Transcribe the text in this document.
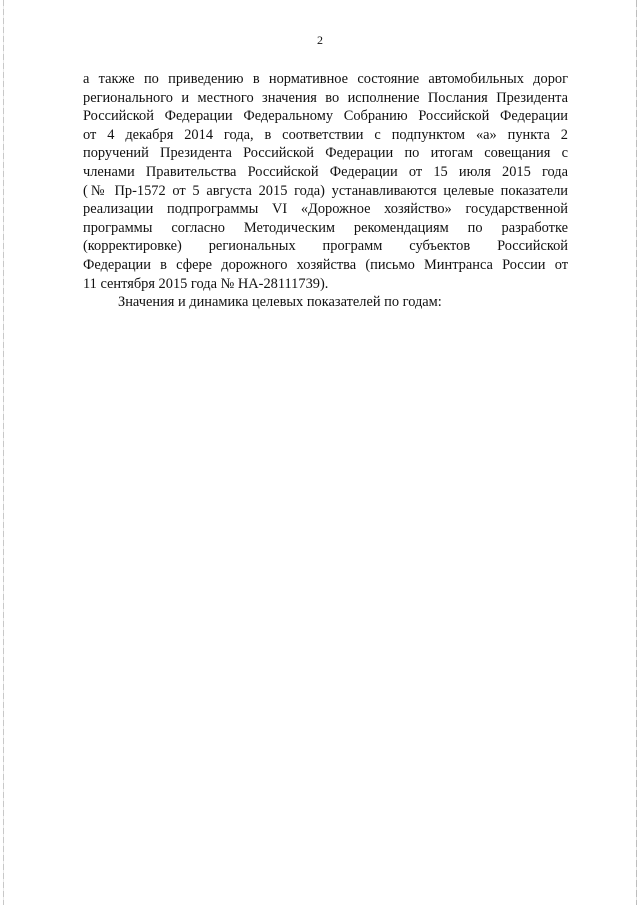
2
а также по приведению в нормативное состояние автомобильных дорог
регионального и местного значения во исполнение Послания Президента
Российской Федерации Федеральному Собранию Российской Федерации
от 4 декабря 2014 года, в соответствии с подпунктом «а» пункта 2
поручений Президента Российской Федерации по итогам совещания с
членами Правительства Российской Федерации от 15 июля 2015 года
(№ Пр-1572 от 5 августа 2015 года) устанавливаются целевые показатели
реализации подпрограммы VI «Дорожное хозяйство» государственной
программы согласно Методическим рекомендациям по разработке
(корректировке) региональных программ субъектов Российской
Федерации в сфере дорожного хозяйства (письмо Минтранса России от
11 сентября 2015 года № НА-28111739).
Значения и динамика целевых показателей по годам:
